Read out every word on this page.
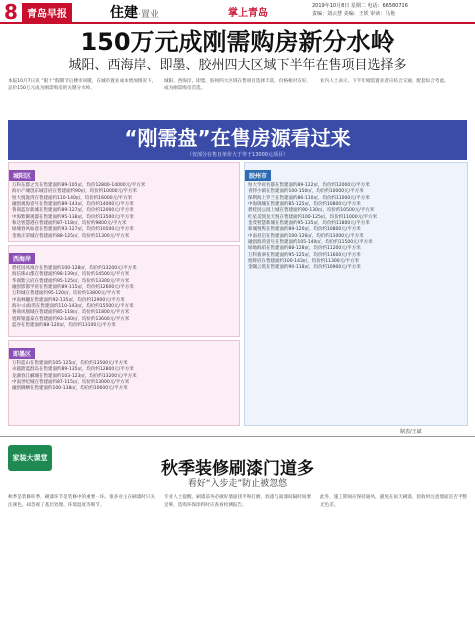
8 青岛早报	住建·置业	掌上青岛
2019年10月8日 星期二 电话：66580716
责编：刘云慧 美编：王妖 审读：马艳
150万元成刚需购房新分水岭
城阳、西海岸、即墨、胶州四大区域下半年在售项目选择多
本报10月7日讯 “银十”假期节后楼市回暖，在城市置业成本增加情况下，总价150万元成为刚需购房的关键分水岭。
城阳、西海岸、即墨、胶州四大区域在售项目选择丰富，价格相对友好，成为刚需购房首选。
业内人士表示，下半年刚需置业者应结合交通、配套综合考虑。
“刚需盘”在售房源看过来
（仅部分在售且单价大于等于13000元项目）
城阳区
万科东郡之光在售建面约89-105㎡，均价12800-14000元/平方米
海尔产城创东城首府在售建面约90㎡，均价约10000元/平方米
恒大悦珑湾在售建面约110-140㎡，均价约16000元/平方米
融创观海壹号在售建面约89-143㎡，均价约14000元/平方米
鲁商蓝岸新城在售建面约89-127㎡，均价约12000元/平方米
中海紫御观邸在售建面约95-138㎡，均价约13500元/平方米
和达智慧港在售建面约87-118㎡，均价约9800元/平方米
绿城春风如意在售建面约93-127㎡，均价约10500元/平方米
金地正荣城在售建面约88-125㎡，均价约11300元/平方米
西海岸
碧桂园凤凰台在售建面约100-128㎡，均价约13200元/平方米
海信珠山郡在售建面约98-139㎡，均价约14500元/平方米
华润紫云府在售建面约95-125㎡，均价约13300元/平方米
融创影都学府在售建面约89-115㎡，均价约12600元/平方米
万科城在售建面约95-120㎡，均价约13800元/平方米
中南林樾在售建面约92-135㎡，均价约12900元/平方米
海尔·山海湾在售建面约110-143㎡，均价约15500元/平方米
鲁商凤凰城在售建面约85-118㎡，均价约11800元/平方米
旭辉银盛泰在售建面约93-140㎡，均价约13600元/平方米
蓝谷在售建面约88-120㎡，均价约13100元/平方米
即墨区
万科蓝山在售建面约105-125㎡，均价约13500元/平方米
卓越蔚蓝群岛在售建面约89-135㎡，均价约12800元/平方米
龙湖春江郦城在售建面约103-123㎡，均价约13200元/平方米
中南世纪城在售建面约87-115㎡，均价约13000元/平方米
融创御栖在售建面约100-138㎡，均价约10600元/平方米
胶州市
恒大学府名都在售建面约89-122㎡，均价约12000元/平方米
青特小镇在售建面约100-150㎡，均价约10000元/平方米
保利海上罗兰在售建面约86-110㎡，均价约11000元/平方米
中海锦城在售建面约85-125㎡，均价约10800元/平方米
碧桂园公园上城在售建面约90-130㎡，均价约10500元/平方米
红星美凯龙天悦在售建面约100-125㎡，均价约11000元/平方米
金茂智慧新城在售建面约95-135㎡，均价约11800元/平方米
新城悦隽在售建面约89-120㎡，均价约10800元/平方米
中南君启在售建面约100-126㎡，均价约11000元/平方米
融创海湾壹号在售建面约105-140㎡，均价约11500元/平方米
绿地海珀在售建面约88-128㎡，均价约11200元/平方米
万科翡翠在售建面约95-125㎡，均价约11600元/平方米
旭辉府在售建面约100-143㎡，均价约11300元/平方米
金隅云筑在售建面约90-118㎡，均价约10900元/平方米
制表/王斌
家装大课堂
秋季装修刷漆门道多
看好“入步走”防止被忽悠
秋季是装修旺季，刷漆环节是装修中的重要一环。很多业主在刷漆时只关注颜色，却忽视了基层处理、环境湿度等细节。
专业人士提醒，刷漆前务必做好墙面找平和打磨，底漆与面漆间隔时间要足够，选购环保涂料时应查看检测报告。
此外，施工期间应保持通风，避免在雨天刷漆，验收时注意墙面是否平整无色差。
